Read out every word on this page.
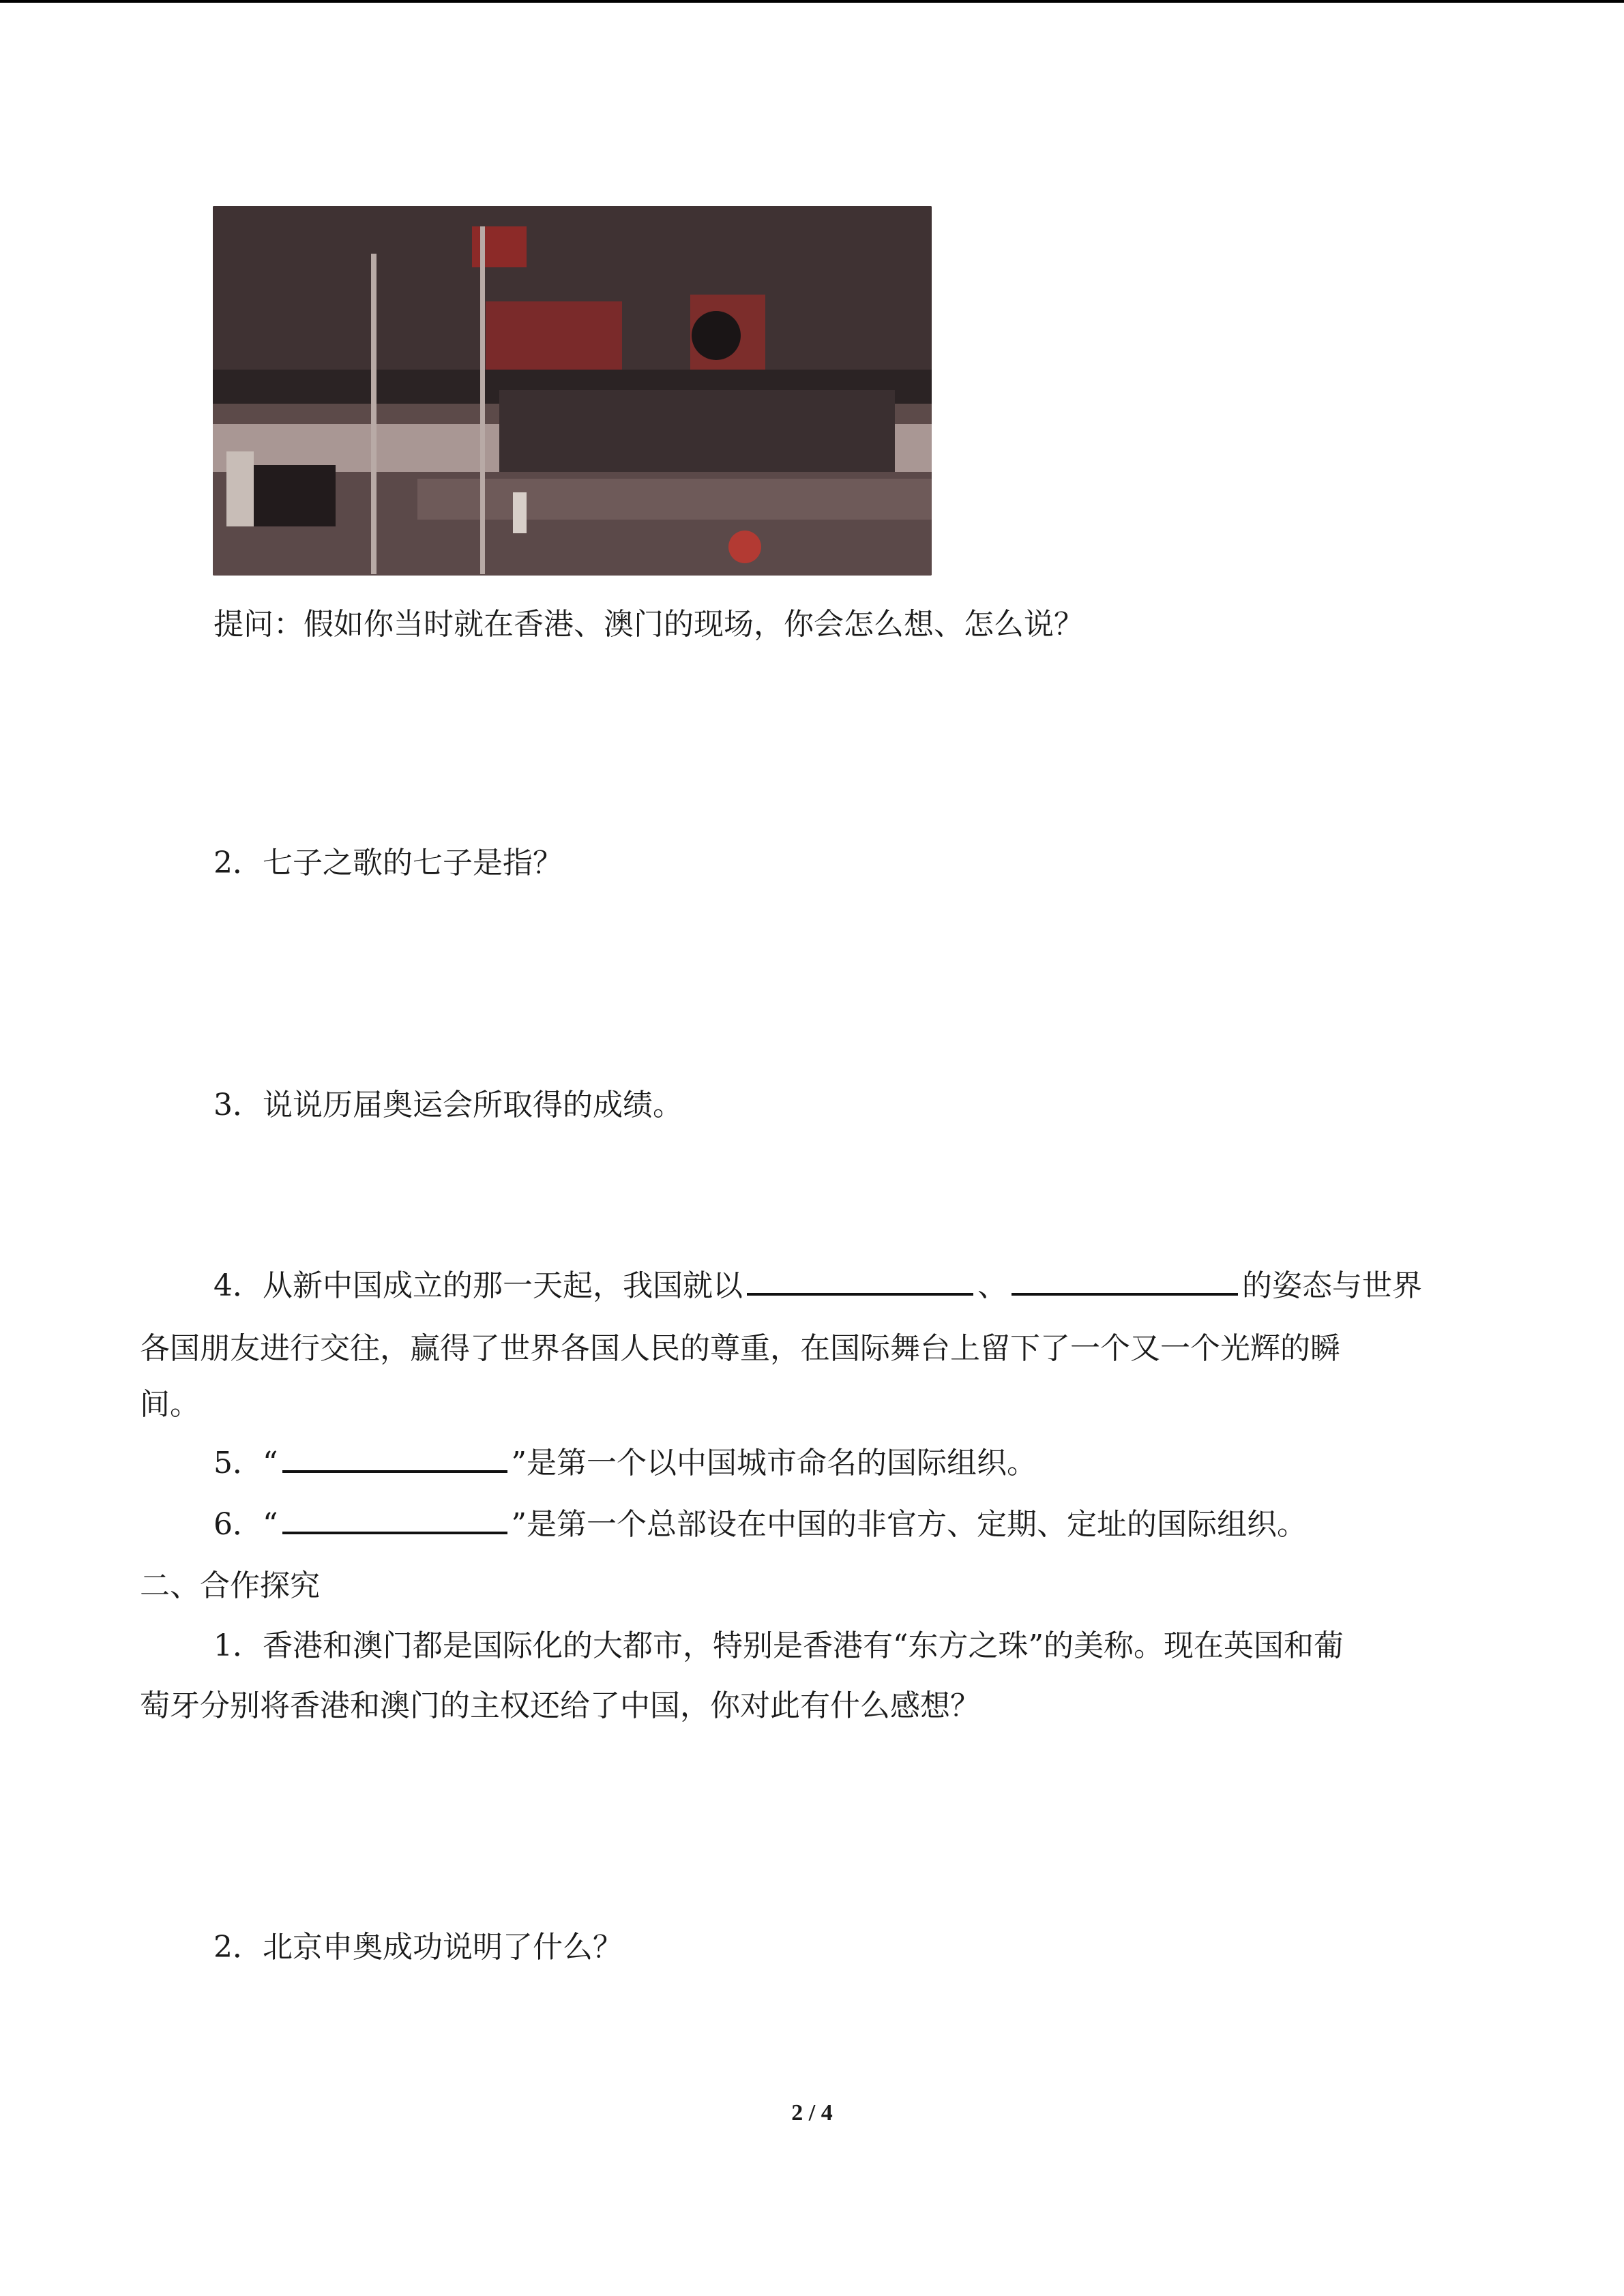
提问：假如你当时就在香港、澳门的现场，你会怎么想、怎么说？
2．七子之歌的七子是指？
3．说说历届奥运会所取得的成绩。
4．从新中国成立的那一天起，我国就以	、	的姿态与世界
各国朋友进行交往，赢得了世界各国人民的尊重，在国际舞台上留下了一个又一个光辉的瞬
间。
5．“	”是第一个以中国城市命名的国际组织。
6．“	”是第一个总部设在中国的非官方、定期、定址的国际组织。
二、合作探究
1．香港和澳门都是国际化的大都市，特别是香港有“东方之珠”的美称。现在英国和葡
萄牙分别将香港和澳门的主权还给了中国，你对此有什么感想？
2．北京申奥成功说明了什么？
2 / 4
